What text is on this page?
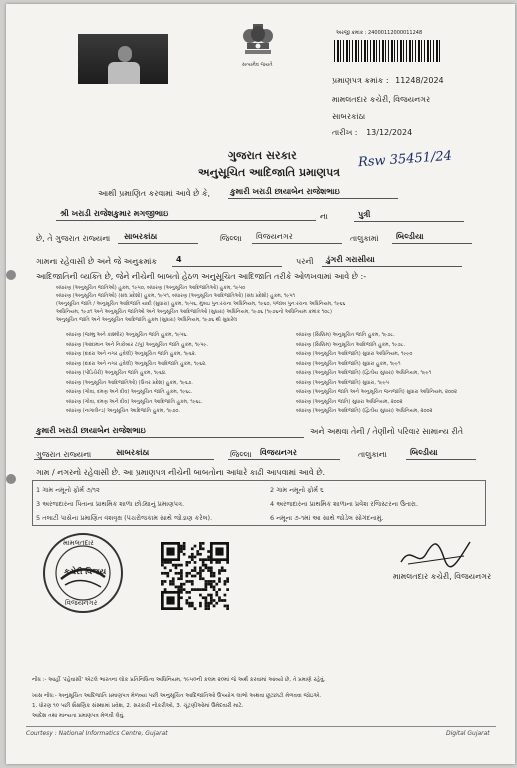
સત્યમેવ જયતે
અરજી ક્રમાંક : 24000112000011248
પ્રમાણપત્ર ક્રમાંક : 11248/2024
મામલતદાર કચેરી, વિજયનગર
સાબરકાંઠા
તારીખ : 13/12/2024
ગુજરાત સરકાર
અનુસૂચિત આદિજાતિ પ્રમાણપત્ર
Rsw 35451/24
આથી પ્રમાણિત કરવામાં આવે છે કે, કુમારી ખરાડી છાયાબેન રાજેશભાઇ
શ્રી ખરાડી રાજેશકુમાર મગજીભાઇ	ના	પુત્રી
છે, તે ગુજરાત રાજ્યના સાબરકાંઠા	જિલ્લા વિજયનગર	તાલુકામાં બિલ્ડીયા
ગામના રહેવાસી છે અને જે અનુક્રમાંક 4	પરની ડુંગરી ગરાસીયા
આદિજાતિની વ્યક્તિ છે, જેને નીચેની બાબતો હેઠળ અનુસૂચિત આદિજાતિ તરીકે ઓળખવામાં આવે છે :-
બંધારણ (અનુસૂચિત જાતિઓ) હુકમ, ૧૯૫૦, બંધારણ (અનુસૂચિત આદિજાતિઓ) હુકમ, ૧૯૫૦
બંધારણ (અનુસૂચિત જાતિઓ) (સંઘ પ્રદેશો) હુકમ, ૧૯૫૧, બંધારણ (અનુસૂચિત આદિજાતિઓ) (સંઘ પ્રદેશો) હુકમ, ૧૯૫૧
(અનુસૂચિત જાતિ / અનુસૂચિત આદિજાતિ યાદી (સુધારા) હુકમ, ૧૯૫૬, મુંબઇ પુનઃરચના અધિનિયમ, ૧૯૬૦, પંજાબ પુનઃરચના અધિનિયમ, ૧૯૬૬
અધિનિયમ, ૧૯૭૧ અને અનુસૂચિત જાતિઓ અને અનુસૂચિત આદિજાતિઓ (સુધારા) અધિનિયમ, ૧૯૭૬ (૧૯૭૬નો અધિનિયમ ક્રમાંક ૧૦૮)
અનુસૂચિત જાતિ અને અનુસૂચિત આદિજાતિ હુકમ (સુધારા) અધિનિયમ, ૧૯૭૬ થી સુધારેલ
બંધારણ (જમ્મુ અને કાશ્મીર) અનુસૂચિત જાતિ હુકમ, ૧૯૫૬.
બંધારણ (આંદામાન અને નિકોબાર ટાપુ) અનુસૂચિત જાતિ હુકમ, ૧૯૫૯.
બંધારણ (દાદરા અને નગર હવેલી) અનુસૂચિત જાતિ હુકમ, ૧૯૬૨.
બંધારણ (દાદરા અને નગર હવેલી) અનુસૂચિત આદિજાતિ હુકમ, ૧૯૬૨.
બંધારણ (પોંડિચેરી) અનુસૂચિત જાતિ હુકમ, ૧૯૬૪.
બંધારણ (અનુસૂચિત આદિજાતિઓ) (ઉત્તર પ્રદેશ) હુકમ, ૧૯૬૭.
બંધારણ (ગોવા, દમણ અને દીવ) અનુસૂચિત જાતિ હુકમ, ૧૯૬૮.
બંધારણ (ગોવા, દમણ અને દીવ) અનુસૂચિત આદિજાતિ હુકમ, ૧૯૬૮.
બંધારણ (નાગાલેન્ડ) અનુસૂચિત આદિજાતિ હુકમ, ૧૯૭૦.
બંધારણ (સિક્કિમ) અનુસૂચિત જાતિ હુકમ, ૧૯૭૮.
બંધારણ (સિક્કિમ) અનુસૂચિત આદિજાતિ હુકમ, ૧૯૭૮.
બંધારણ (અનુસૂચિત આદિજાતિ) સુધારા અધિનિયમ, ૧૯૯૦
બંધારણ (અનુસૂચિત આદિજાતિ) સુધારા હુકમ, ૧૯૯૧
બંધારણ (અનુસૂચિત આદિજાતિ) (દ્વિતીય સુધારા) અધિનિયમ, ૧૯૯૧
બંધારણ (અનુસૂચિત આદિજાતિ) સુધારા, ૧૯૯૫
બંધારણ (અનુસૂચિત જાતિ અને અનુસૂચિત જનજાતિ) સુધારા અધિનિયમ, ૨૦૦૨
બંધારણ (અનુસૂચિત જાતિ) સુધારા અધિનિયમ, ૨૦૦૨
બંધારણ (અનુસૂચિત આદિજાતિ) (દ્વિતીય સુધારા) અધિનિયમ, ૨૦૦૨
કુમારી ખરાડી છાયાબેન રાજેશભાઇ	અને અથવા તેની / તેણીનો પરિવાર સામાન્ય રીતે
ગુજરાત રાજ્યના	સાબરકાંઠા	જિલ્લા વિજયનગર	તાલુકાના	બિલ્ડીયા
ગામ / નગરનો રહેવાસી છે. આ પ્રમાણપત્ર નીચેની બાબતોના આધારે કાઢી આપવામાં આવે છે.
1 ગામ નમૂનો ફોર્મ ૭/૧૨	2 ગામ નમૂનો ફોર્મ ૬
3 અરજદારના પિતાના પ્રાથમિક શાળા છોડ્યાનું પ્રમાણપત્ર.	4 અરજદારના પ્રાથમિક શાળાના પ્રવેશ રજિસ્ટરના ઉતારા.
5 તલાટી પાસેના પ્રમાણિત વંશવૃક્ષ (પંચરોજકામ સાથે જોડાણ કરેલ).	6 નમૂના ૭-૧માં આ સાથે જોડેલ સોગંદનામું.
મામલતદાર
કચેરી વિજય
વિજયનગર
મામલતદાર કચેરી, વિજયનગર
નોંધ :- આહીં 'રહેવાસી' એટલે ભારતના લોક પ્રતિનિધિત્વ અધિનિયમ, ૧૯૫૦ની કલમ ૨૦માં જે અર્થ કરવામાં આવ્યો છે, તે પ્રમાણે રહેવું.
ખાસ નોંધ:- અનુસૂચિત આદિજાતિ પ્રમાણપત્ર મેળવ્યા પછી અનુસૂચિત આદિજાતિઓ ઉપયોગ લાભો અથવા છૂટછાટો મેળવવા જોઇએ.
1. ધોરણ ૧૦ પછી શૈક્ષણિક સંસ્થામાં પ્રવેશ, 2. સરકારી નોકરીઓ, 3. ચૂંટણીઓમાં ઉમેદવારી માટે.
આદેશ તથા માન્યતા પ્રમાણપત્ર મેળવી લેવું.
Courtesy : National Informatics Centre, Gujarat	Digital Gujarat
